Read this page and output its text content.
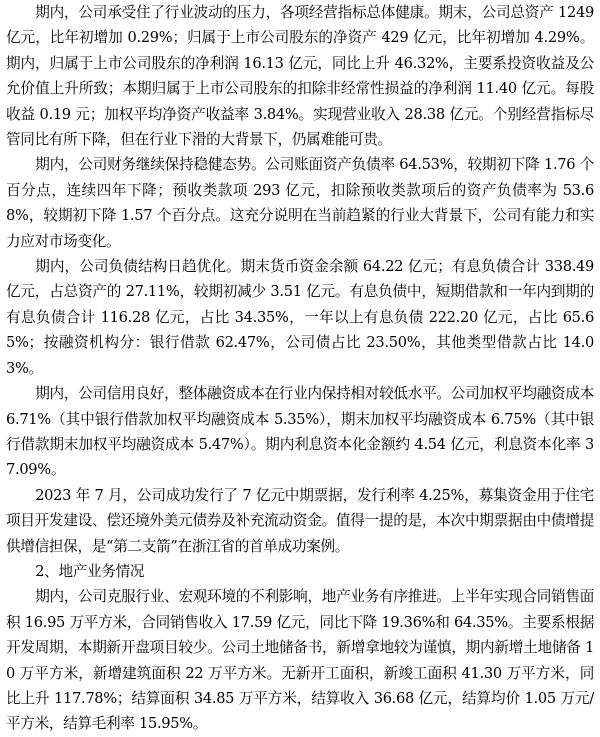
期内，公司承受住了行业波动的压力，各项经营指标总体健康。期末，公司总资产 1249 亿元，比年初增加 0.29%；归属于上市公司股东的净资产 429 亿元，比年初增加 4.29%。期内，归属于上市公司股东的净利润 16.13 亿元，同比上升 46.32%，主要系投资收益及公允价值上升所致；本期归属于上市公司股东的扣除非经常性损益的净利润 11.40 亿元。每股收益 0.19 元；加权平均净资产收益率 3.84%。实现营业收入 28.38 亿元。个别经营指标尽管同比有所下降，但在行业下滑的大背景下，仍属难能可贵。

期内，公司财务继续保持稳健态势。公司账面资产负债率 64.53%，较期初下降 1.76 个百分点，连续四年下降；预收类款项 293 亿元，扣除预收类款项后的资产负债率为 53.68%，较期初下降 1.57 个百分点。这充分说明在当前趋紧的行业大背景下，公司有能力和实力应对市场变化。

期内，公司负债结构日趋优化。期末货币资金余额 64.22 亿元；有息负债合计 338.49 亿元，占总资产的 27.11%，较期初减少 3.51 亿元。有息负债中，短期借款和一年内到期的有息负债合计 116.28 亿元，占比 34.35%，一年以上有息负债 222.20 亿元，占比 65.65%；按融资机构分：银行借款 62.47%，公司债占比 23.50%，其他类型借款占比 14.03%。

期内，公司信用良好，整体融资成本在行业内保持相对较低水平。公司加权平均融资成本 6.71%（其中银行借款加权平均融资成本 5.35%），期末加权平均融资成本 6.75%（其中银行借款期末加权平均融资成本 5.47%）。期内利息资本化金额约 4.54 亿元，利息资本化率 37.09%。

2023 年 7 月，公司成功发行了 7 亿元中期票据，发行利率 4.25%，募集资金用于住宅项目开发建设、偿还境外美元债券及补充流动资金。值得一提的是，本次中期票据由中债增提供增信担保，是“第二支箭”在浙江省的首单成功案例。

2、地产业务情况

期内，公司克服行业、宏观环境的不利影响，地产业务有序推进。上半年实现合同销售面积 16.95 万平方米，合同销售收入 17.59 亿元，同比下降 19.36%和 64.35%。主要系根据开发周期，本期新开盘项目较少。公司土地储备书，新增拿地较为谨慎，期内新增土地储备 10 万平方米，新增建筑面积 22 万平方米。无新开工面积，新竣工面积 41.30 万平方米，同比上升 117.78%；结算面积 34.85 万平方米，结算收入 36.68 亿元，结算均价 1.05 万元/平方米，结算毛利率 15.95%。
